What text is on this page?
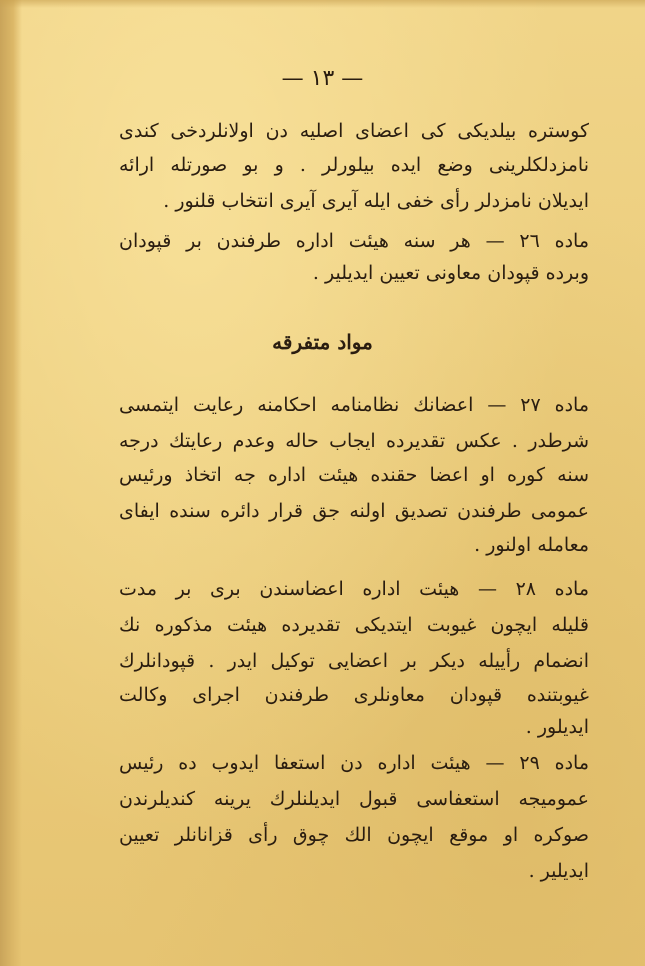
— ١٣ —
كوستره بيلديكى كى اعضاى اصليه دن اولانلردخى كندى
نامزدلكلرينى وضع ايده بيلورلر . و بو صورتله ارائه
ايديلان نامزدلر رأى خفى ايله آيرى آيرى انتخاب قلنور .
ماده ٢٦ — هر سنه هيئت اداره طرفندن بر قپودان
وبرده قپودان معاونى تعيين ايديلير .
مواد متفرقه
ماده ٢٧ — اعضانك نظامنامه احكامنه رعايت ايتمسى
شرطدر . عكس تقديرده ايجاب حاله وعدم رعايتك درجه
سنه كوره او اعضا حقنده هيئت اداره جه اتخاذ ورئيس
عمومى طرفندن تصديق اولنه جق قرار دائره سنده ايفاى
معامله اولنور .
ماده ٢٨ — هيئت اداره اعضاسندن برى بر مدت
قليله ايچون غيوبت ايتديكى تقديرده هيئت مذكوره نك
انضمام رأييله ديكر بر اعضايى توكيل ايدر . قپودانلرك
غيوبتنده قپودان معاونلرى طرفندن اجراى وكالت
ايديلور .
ماده ٢٩ — هيئت اداره دن استعفا ايدوب ده رئيس
عموميجه استعفاسى قبول ايديلنلرك يرينه كنديلرندن
صوكره او موقع ايچون الك چوق رأى قزانانلر تعيين
ايديلير .
